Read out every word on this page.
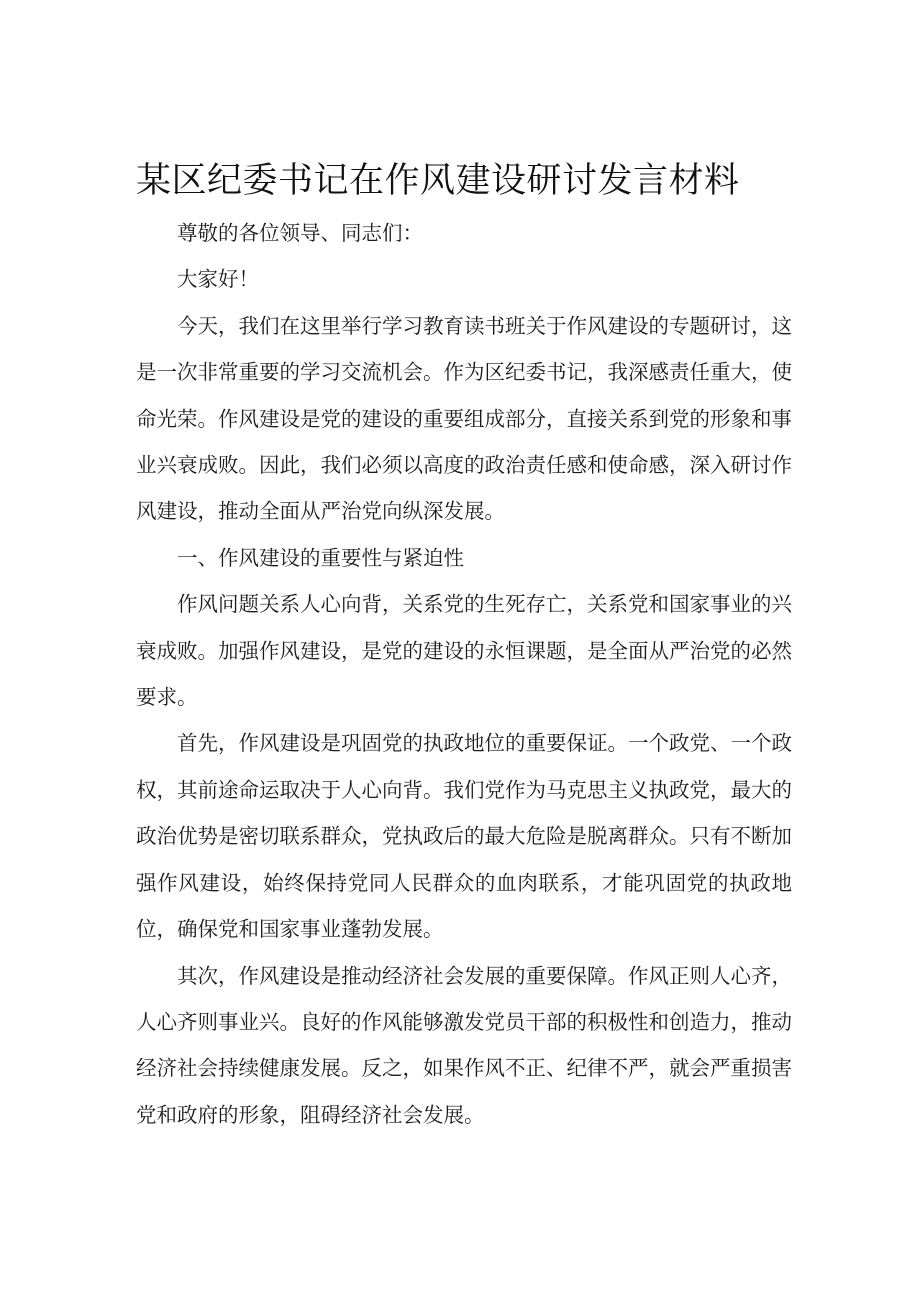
某区纪委书记在作风建设研讨发言材料

尊敬的各位领导、同志们：

大家好！

今天，我们在这里举行学习教育读书班关于作风建设的专题研讨，这是一次非常重要的学习交流机会。作为区纪委书记，我深感责任重大，使命光荣。作风建设是党的建设的重要组成部分，直接关系到党的形象和事业兴衰成败。因此，我们必须以高度的政治责任感和使命感，深入研讨作风建设，推动全面从严治党向纵深发展。

一、作风建设的重要性与紧迫性

作风问题关系人心向背，关系党的生死存亡，关系党和国家事业的兴衰成败。加强作风建设，是党的建设的永恒课题，是全面从严治党的必然要求。

首先，作风建设是巩固党的执政地位的重要保证。一个政党、一个政权，其前途命运取决于人心向背。我们党作为马克思主义执政党，最大的政治优势是密切联系群众，党执政后的最大危险是脱离群众。只有不断加强作风建设，始终保持党同人民群众的血肉联系，才能巩固党的执政地位，确保党和国家事业蓬勃发展。

其次，作风建设是推动经济社会发展的重要保障。作风正则人心齐，人心齐则事业兴。良好的作风能够激发党员干部的积极性和创造力，推动经济社会持续健康发展。反之，如果作风不正、纪律不严，就会严重损害党和政府的形象，阻碍经济社会发展。
